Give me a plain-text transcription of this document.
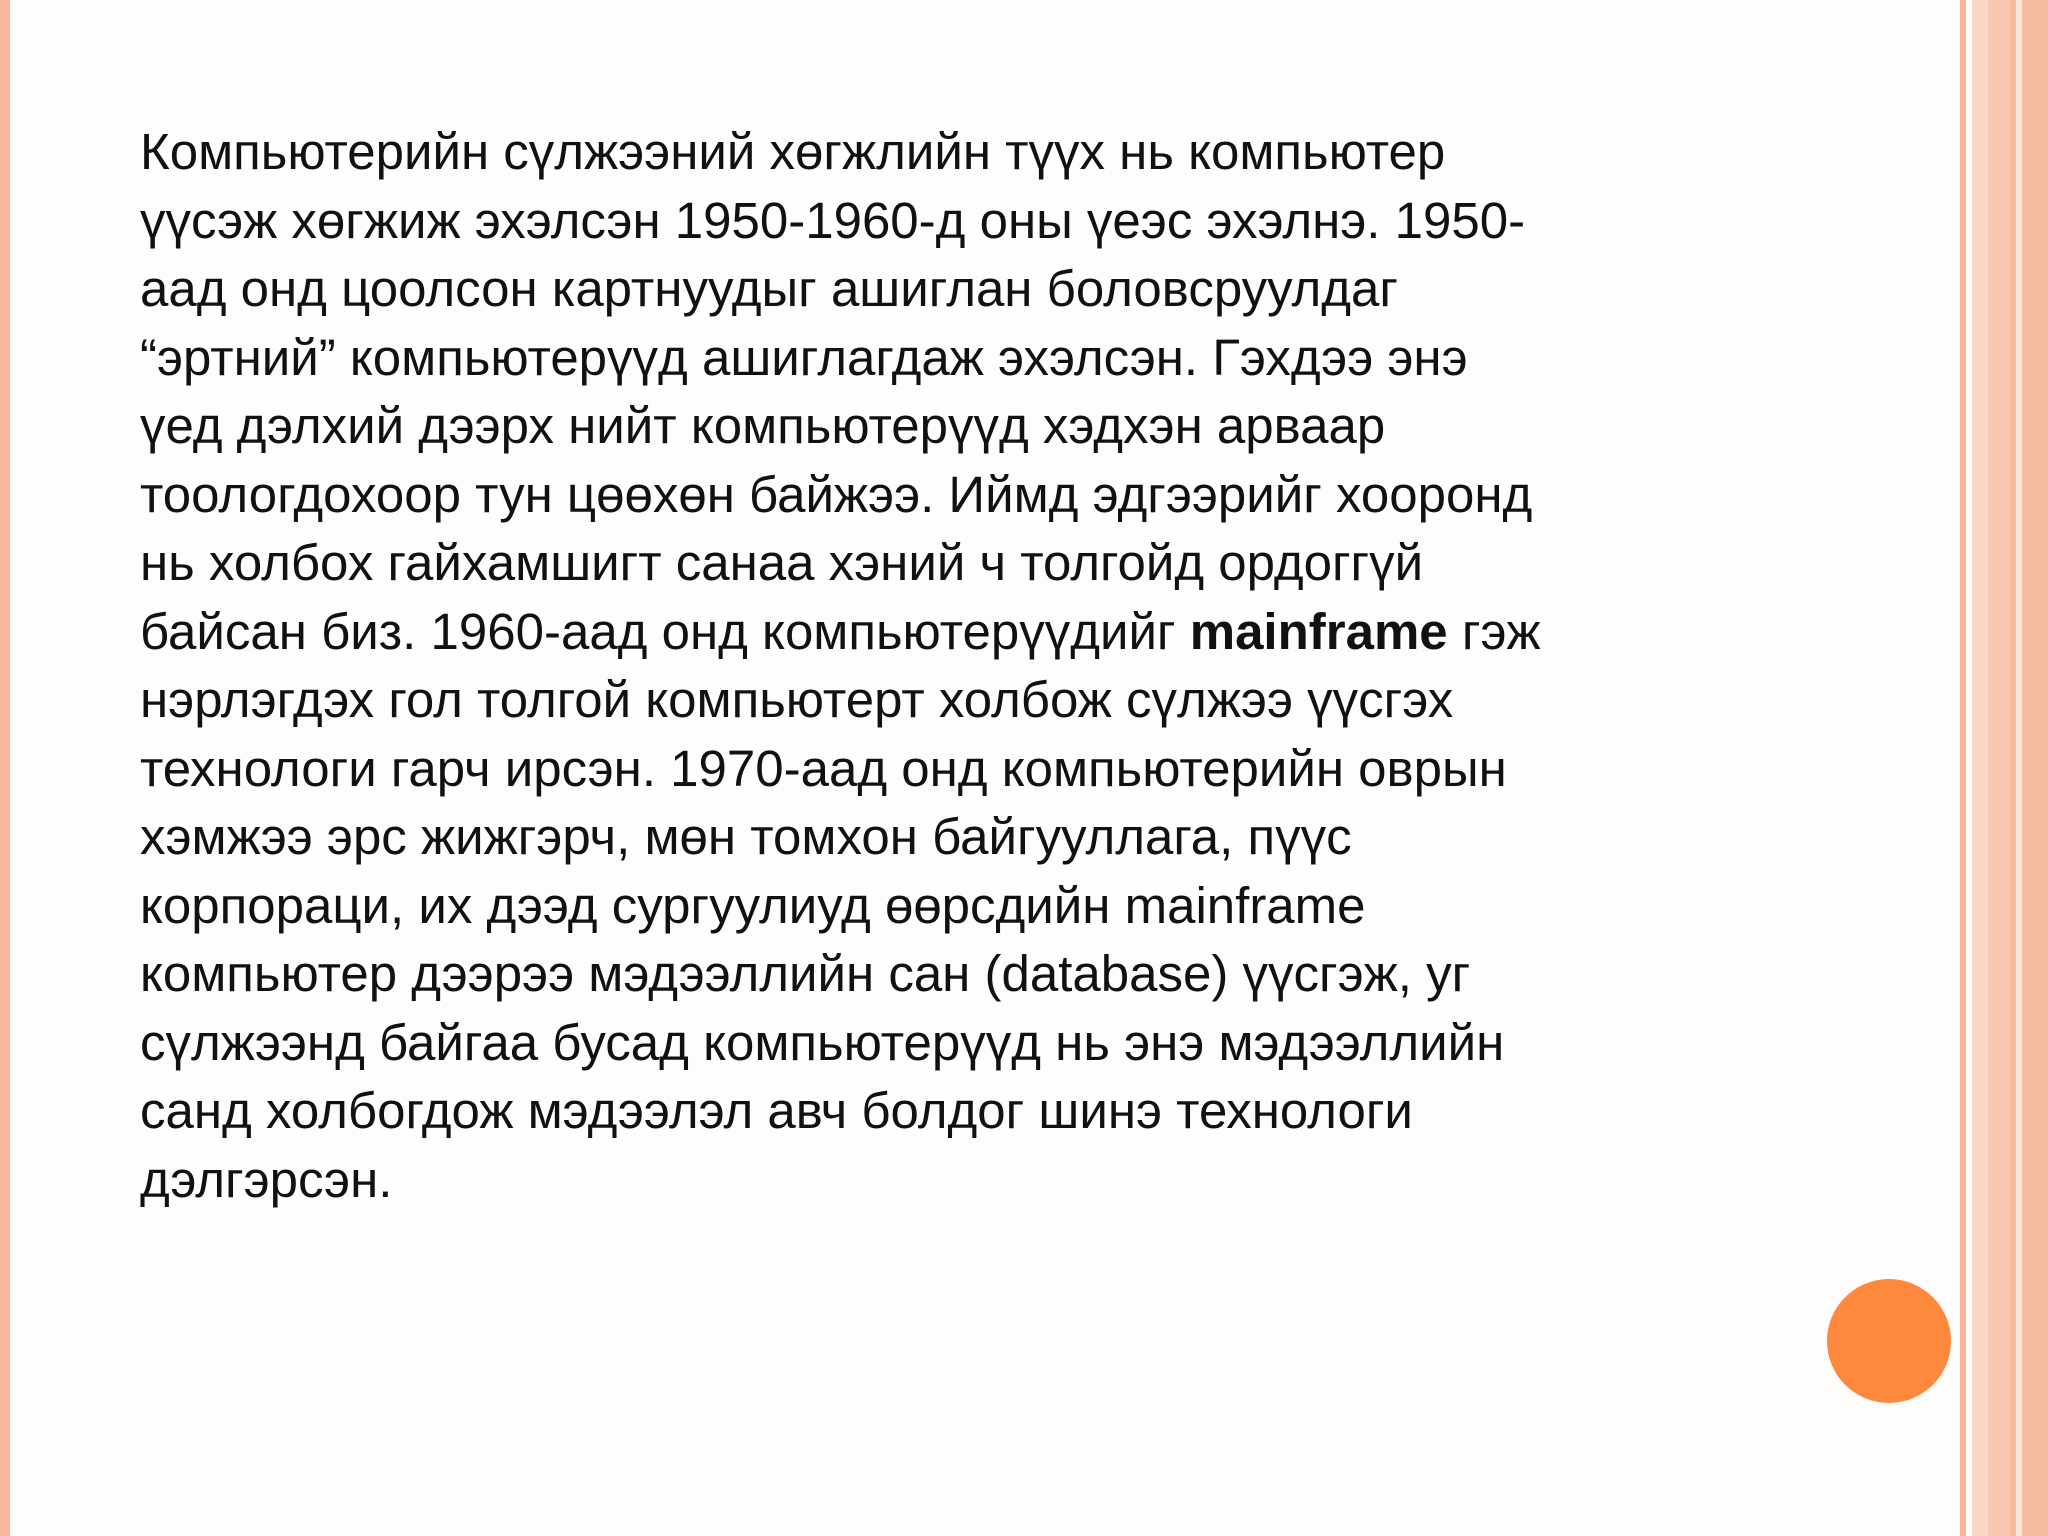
Компьютерийн сүлжээний хөгжлийн түүх нь компьютер
үүсэж хөгжиж эхэлсэн 1950-1960-д оны үеэс эхэлнэ. 1950-
аад онд цоолсон картнуудыг ашиглан боловсруулдаг
“эртний” компьютерүүд ашиглагдаж эхэлсэн. Гэхдээ энэ
үед дэлхий дээрх нийт компьютерүүд хэдхэн арваар
тоологдохоор тун цөөхөн байжээ. Иймд эдгээрийг хооронд
нь холбох гайхамшигт санаа хэний ч толгойд ордоггүй
байсан биз. 1960-аад онд компьютерүүдийг mainframe гэж
нэрлэгдэх гол толгой компьютерт холбож сүлжээ үүсгэх
технологи гарч ирсэн. 1970-аад онд компьютерийн оврын
хэмжээ эрс жижгэрч, мөн томхон байгууллага, пүүс
корпораци, их дээд сургуулиуд өөрсдийн mainframe
компьютер дээрээ мэдээллийн сан (database) үүсгэж, уг
сүлжээнд байгаа бусад компьютерүүд нь энэ мэдээллийн
санд холбогдож мэдээлэл авч болдог шинэ технологи
дэлгэрсэн.
